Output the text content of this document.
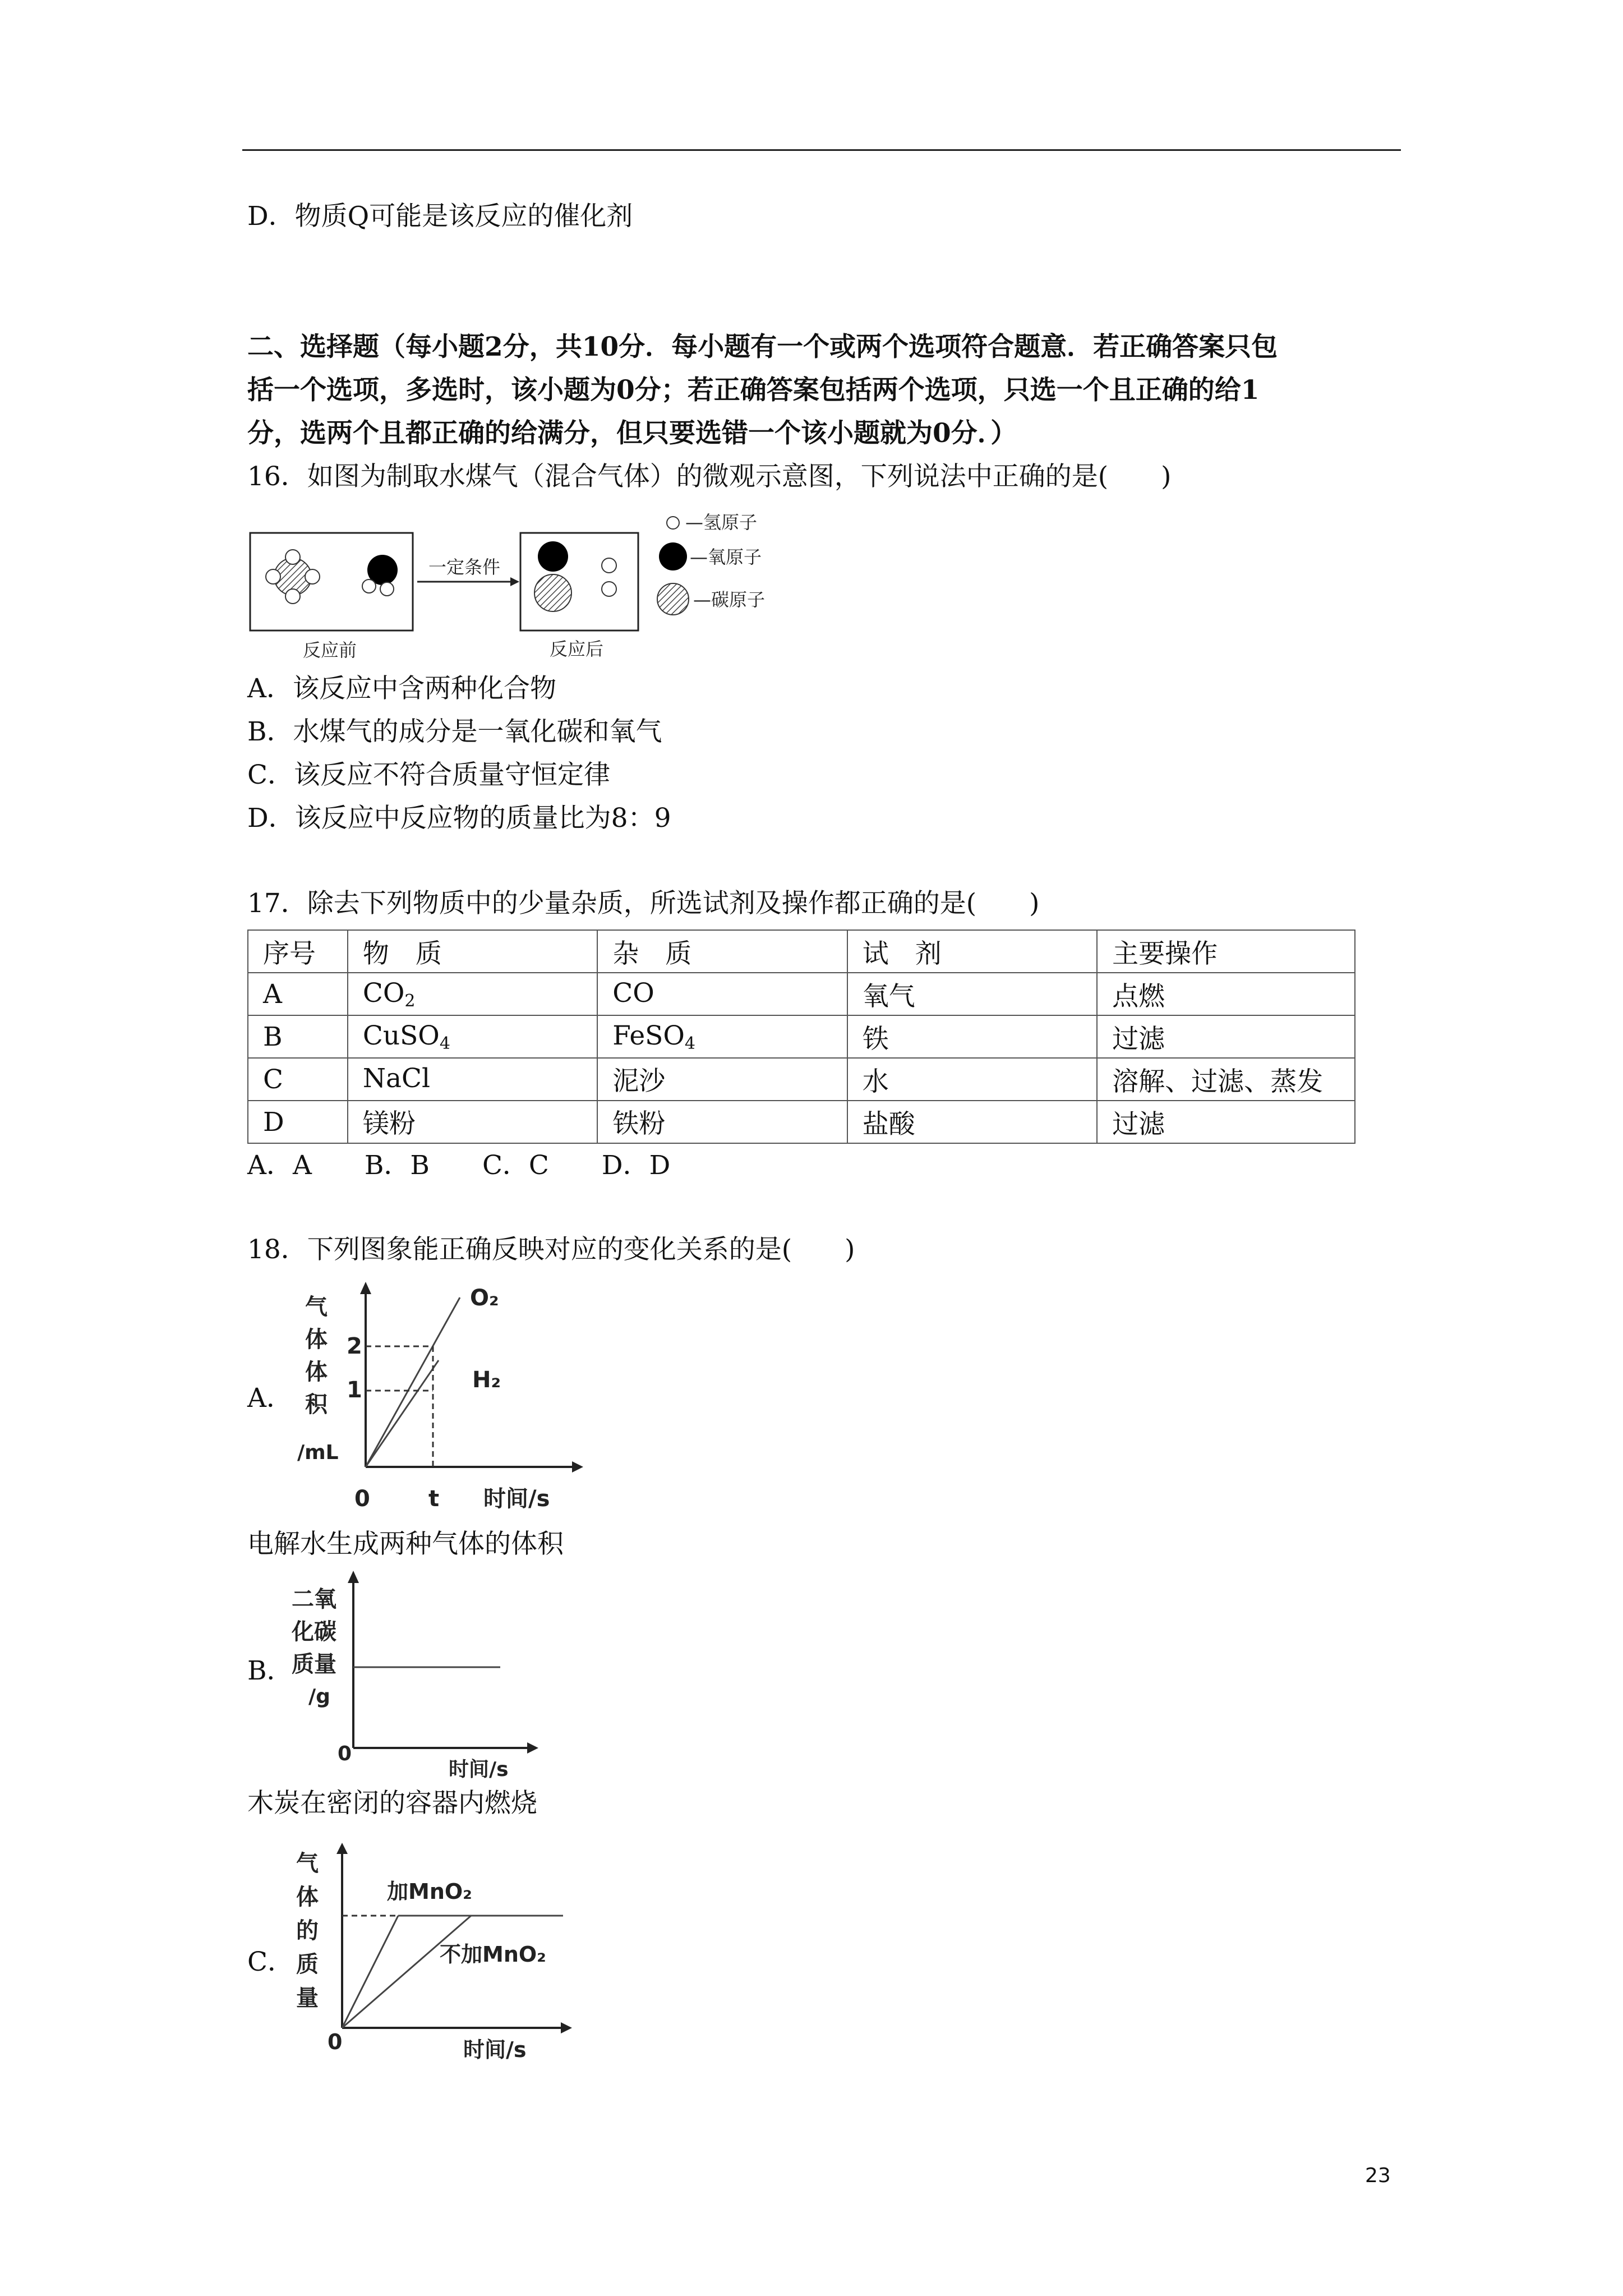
D．物质Q可能是该反应的催化剂
二、选择题（每小题2分，共10分．每小题有一个或两个选项符合题意．若正确答案只包
括一个选项，多选时，该小题为0分；若正确答案包括两个选项，只选一个且正确的给1
分，选两个且都正确的给满分，但只要选错一个该小题就为0分．）
16．如图为制取水煤气（混合气体）的微观示意图，下列说法中正确的是(　　)
一定条件
反应前	反应后
—氢原子
—氧原子
—碳原子
A．该反应中含两种化合物
B．水煤气的成分是一氧化碳和氧气
C．该反应不符合质量守恒定律
D．该反应中反应物的质量比为8：9
17．除去下列物质中的少量杂质，所选试剂及操作都正确的是(　　)
序号	物　质	杂　质	试　剂	主要操作
A	$CO_2$	CO	氧气	点燃
B	CuSO$_4$	FeSO$_4$	铁	过滤
C	NaCl	泥沙	水	溶解、过滤、蒸发
D	镁粉	铁粉	盐酸	过滤
A．A　　B．B　　C．C　　D．D
18．下列图象能正确反映对应的变化关系的是(　　)
A．
气
体
体
积
/mL
2
1
0	t 时间/s
O₂
H₂
电解水生成两种气体的体积
B．
二氧
化碳
质量
/g
0
时间/s
木炭在密闭的容器内燃烧
C．
气
体
的
质
量
加MnO₂
不加MnO₂
0	时间/s
23
